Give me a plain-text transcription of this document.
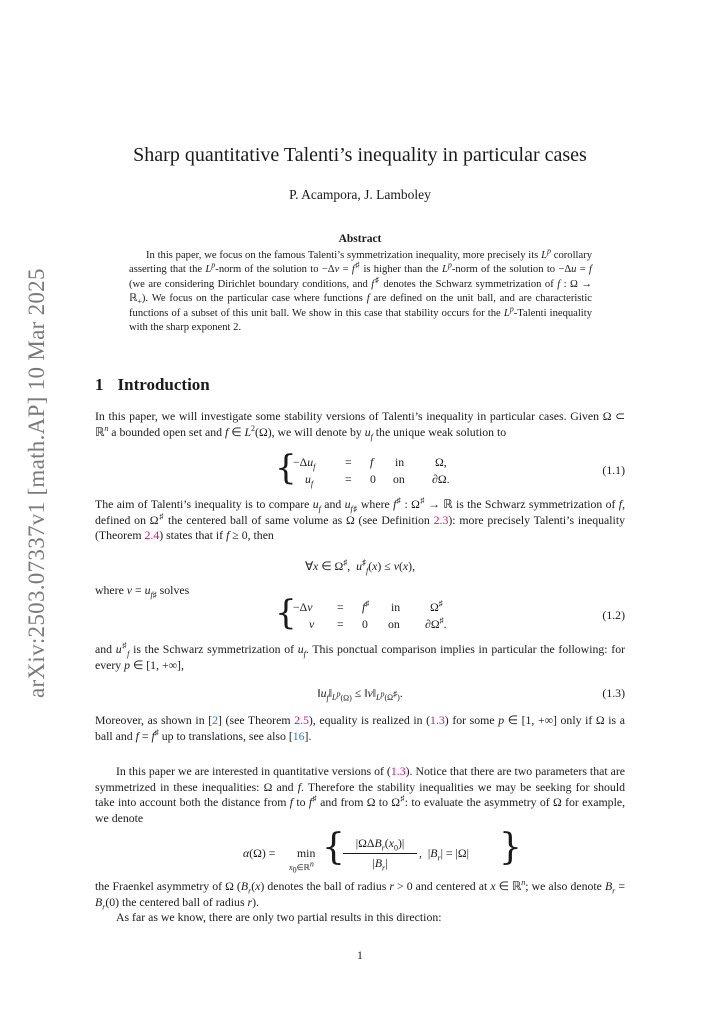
arXiv:2503.07337v1 [math.AP] 10 Mar 2025
Sharp quantitative Talenti’s inequality in particular cases
P. Acampora, J. Lamboley
Abstract

In this paper, we focus on the famous Talenti’s symmetrization inequality, more precisely its $L^p$ corollary asserting that the $L^p$-norm of the solution to −Δv = f♯ is higher than the $L^p$-norm of the solution to −Δu = f (we are considering Dirichlet boundary conditions, and f♯ denotes the Schwarz symmetrization of f : Ω → ℝ$_+$). We focus on the particular case where functions f are defined on the unit ball, and are characteristic functions of a subset of this unit ball. We show in this case that stability occurs for the $L^p$-Talenti inequality with the sharp exponent 2.

1 Introduction

In this paper, we will investigate some stability versions of Talenti’s inequality in particular cases. Given Ω ⊂ ℝ$^n$ a bounded open set and f ∈ $L^2(\Omega)$, we will denote by $u_f$ the unique weak solution to

{
$-\Delta u_f$	= f in	Ω,
$u_f$	= 0 on ∂Ω.
(1.1)

The aim of Talenti’s inequality is to compare $u_f$ and $u_{f♯}$ where f♯ : Ω♯ → ℝ is the Schwarz symmetrization of f, defined on Ω♯ the centered ball of same volume as Ω (see Definition 2.3): more precisely Talenti’s inequality (Theorem 2.4) states that if f ≥ 0, then

∀x ∈ Ω♯,  $u^♯_f(x) \le v(x)$,

where $v = u_{f♯}$ solves

{
−Δv = f♯ in	Ω♯
v = 0 on ∂Ω♯.
(1.2)

and $u^♯_f$ is the Schwarz symmetrization of $u_f$. This ponctual comparison implies in particular the following: for every p ∈ [1, +∞],

$‖u_f‖_{L^p(\Omega)}$ ≤ $‖v‖_{L^p(\Omega^♯)}$.	(1.3)

Moreover, as shown in [2] (see Theorem 2.5), equality is realized in (1.3) for some p ∈ [1, +∞] only if Ω is a ball and f = f♯ up to translations, see also [16].

In this paper we are interested in quantitative versions of (1.3). Notice that there are two parameters that are symmetrized in these inequalities: Ω and f. Therefore the stability inequalities we may be seeking for should take into account both the distance from f to f♯ and from Ω to Ω♯: to evaluate the asymmetry of Ω for example, we denote

α(Ω) = min
$x_0\in ℝ^n$ { $|\Omega\Delta B_r(x_0)|$
$|B_r|$
,  $|B_r| = |\Omega|$ }

the Fraenkel asymmetry of Ω ($B_r(x)$ denotes the ball of radius r > 0 and centered at x ∈ ℝ$^n$; we also denote $B_r = B_r(0)$ the centered ball of radius r).

As far as we know, there are only two partial results in this direction:

1
